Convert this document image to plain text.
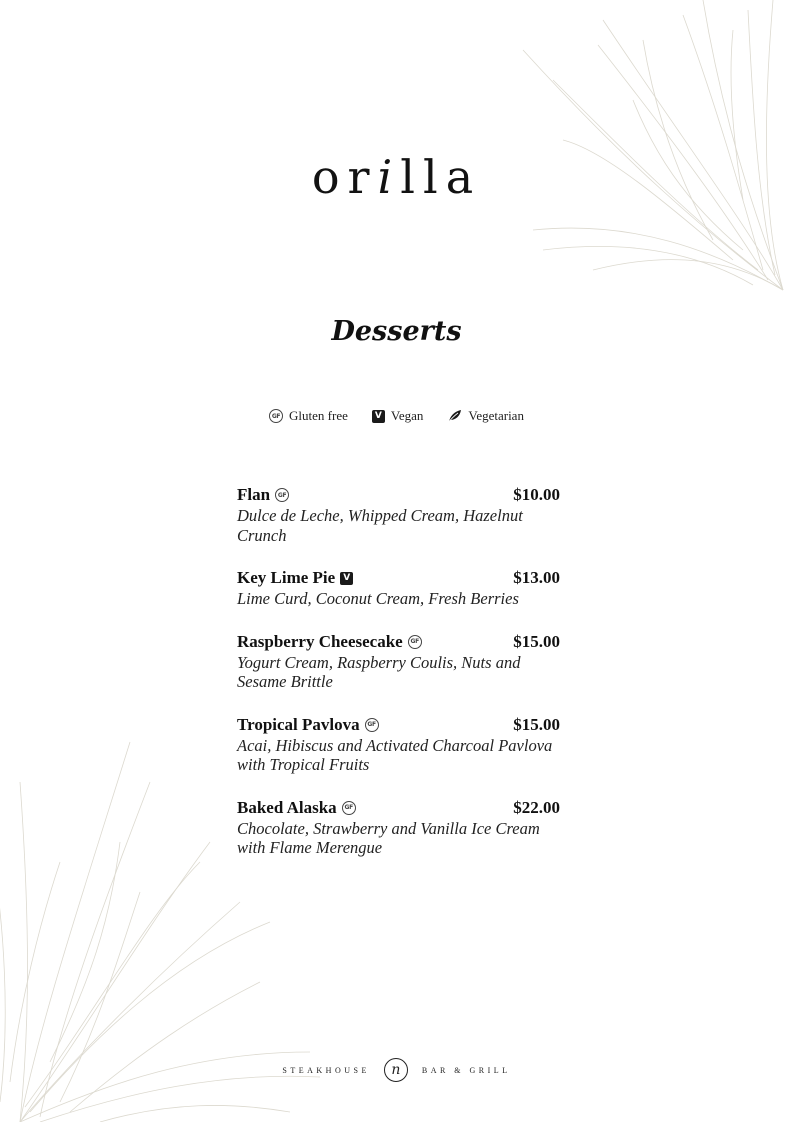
orilla
Desserts
GF Gluten free	V Vegan	Vegetarian
Flan	GF	$10.00
Dulce de Leche, Whipped Cream, Hazelnut Crunch
Key Lime Pie V	$13.00
Lime Curd, Coconut Cream, Fresh Berries
Raspberry Cheesecake	GF	$15.00
Yogurt Cream, Raspberry Coulis, Nuts and Sesame Brittle
Tropical Pavlova	GF	$15.00
Acai, Hibiscus and Activated Charcoal Pavlova with Tropical Fruits
Baked Alaska	GF	$22.00
Chocolate, Strawberry and Vanilla Ice Cream with Flame Merengue
STEAKHOUSE	n	BAR & GRILL
